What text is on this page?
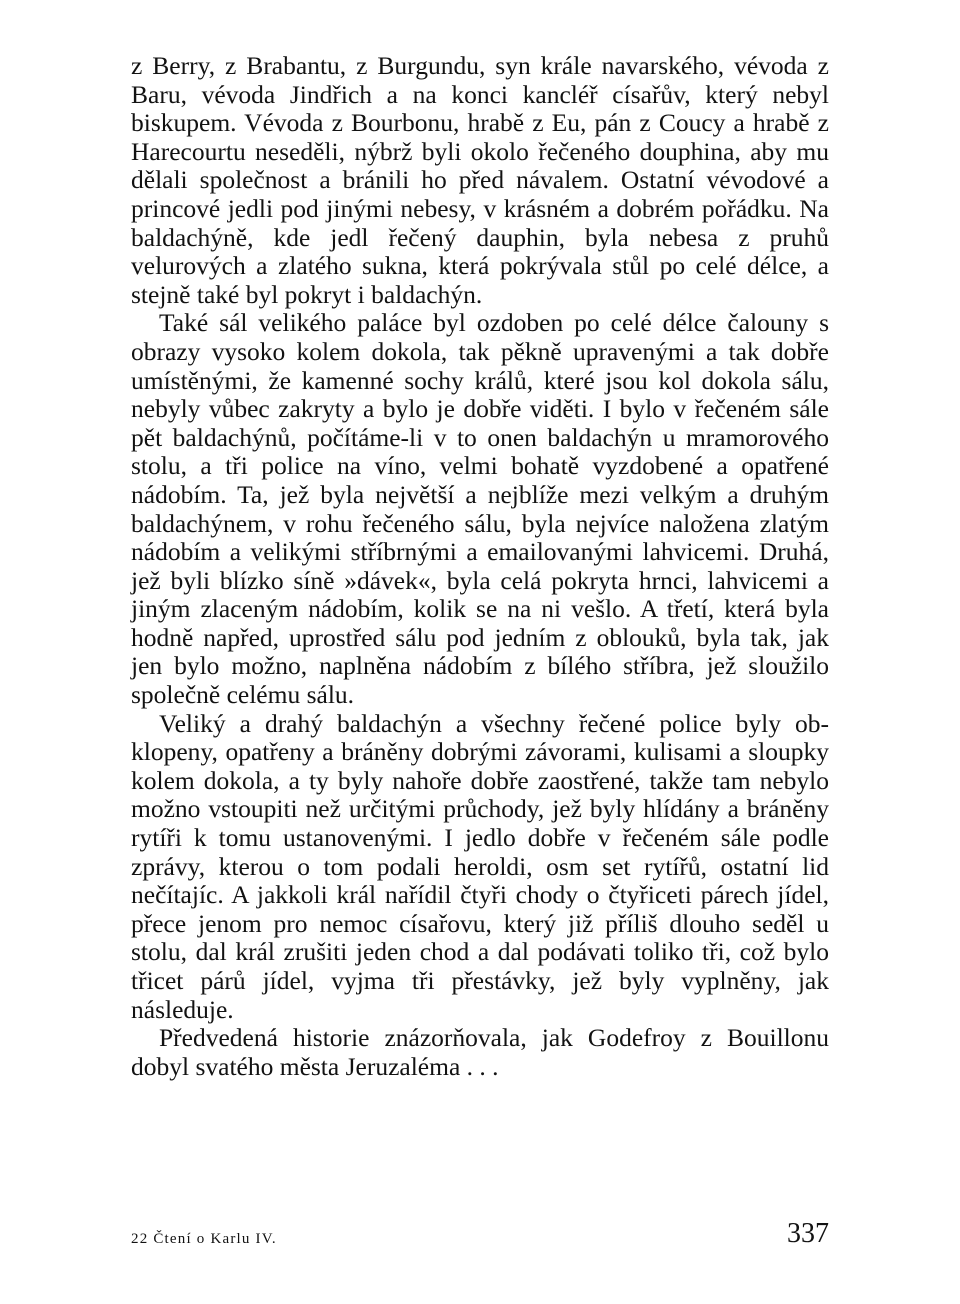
z Berry, z Brabantu, z Burgundu, syn krále navarského, vévoda z Baru, vévoda Jindřich a na konci kancléř císařův, který nebyl biskupem. Vévoda z Bourbonu, hrabě z Eu, pán z Coucy a hrabě z Harecourtu neseděli, nýbrž byli okolo řečeného douphina, aby mu dělali společnost a bránili ho před návalem. Ostatní vévodové a princové jedli pod jinými nebesy, v krásném a dobrém pořádku. Na baldachýně, kde jedl řečený dauphin, byla nebesa z pruhů velurových a zlatého sukna, která pokrývala stůl po celé délce, a stejně také byl pokryt i baldachýn.

Také sál velikého paláce byl ozdoben po celé délce čalouny s obrazy vysoko kolem dokola, tak pěkně upravenými a tak dobře umístěnými, že kamenné sochy králů, které jsou kol dokola sálu, nebyly vůbec zakryty a bylo je dobře viděti. I bylo v řečeném sále pět baldachýnů, počítáme-li v to onen baldachýn u mramorového stolu, a tři police na víno, velmi bohatě vyzdobené a opatřené nádobím. Ta, jež byla největší a nejblíže mezi velkým a druhým baldachýnem, v rohu řečeného sálu, byla nejvíce naložena zlatým nádobím a velikými stříbrnými a emailovanými lahvicemi. Druhá, jež byli blízko síně »dávek«, byla celá pokryta hrnci, lahvicemi a jiným zlaceným nádobím, kolik se na ni vešlo. A třetí, která byla hodně napřed, uprostřed sálu pod jedním z oblouků, byla tak, jak jen bylo možno, naplněna nádobím z bílého stříbra, jež sloužilo společně celému sálu.

Veliký a drahý baldachýn a všechny řečené police byly obklopeny, opatřeny a bráněny dobrými závorami, kulisami a sloupky kolem dokola, a ty byly nahoře dobře zaostřené, takže tam nebylo možno vstoupiti než určitými průchody, jež byly hlídány a bráněny rytíři k tomu ustanovenými. I jedlo dobře v řečeném sále podle zprávy, kterou o tom podali heroldi, osm set rytířů, ostatní lid nečítajíc. A jakkoli král nařídil čtyři chody o čtyřiceti párech jídel, přece jenom pro nemoc císařovu, který již příliš dlouho seděl u stolu, dal král zrušiti jeden chod a dal podávati toliko tři, což bylo třicet párů jídel, vyjma tři přestávky, jež byly vyplněny, jak následuje.

Předvedená historie znázorňovala, jak Godefroy z Bouillonu dobyl svatého města Jeruzaléma . . .

22 Čtení o Karlu IV.	337
